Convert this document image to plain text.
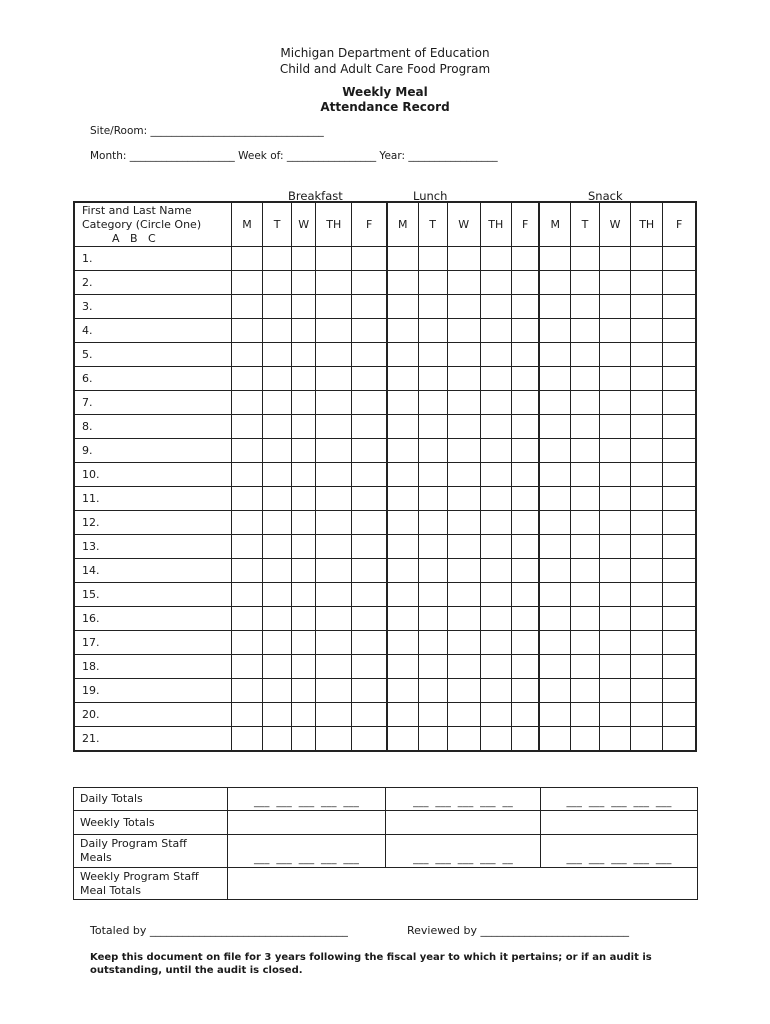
Michigan Department of Education
Child and Adult Care Food Program
Weekly Meal
Attendance Record
Site/Room: _________________________________
Month: ____________________ Week of: _________________ Year: _________________
Breakfast	Lunch	Snack _______
First and Last Name
Category (Circle One)
A   B   C	M	T	W	TH	F	M	T	W	TH	F	M	T	W	TH	F
1.															
2.															
3.															
4.															
5.															
6.															
7.															
8.															
9.															
10.															
11.															
12.															
13.															
14.															
15.															
16.															
17.															
18.															
19.															
20.															
21.															
Daily Totals	___  ___  ___  ___  ___	___  ___  ___  ___  __	___  ___  ___  ___  ___
Weekly Totals			

Daily Program Staff
Meals	___  ___  ___  ___  ___	___  ___  ___  ___  __	___  ___  ___  ___  ___

Weekly Program Staff
Meal Totals			

Totaled by ____________________________________	Reviewed by ___________________________
Keep this document on file for 3 years following the fiscal year to which it pertains; or if an audit is outstanding, until the audit is closed.
